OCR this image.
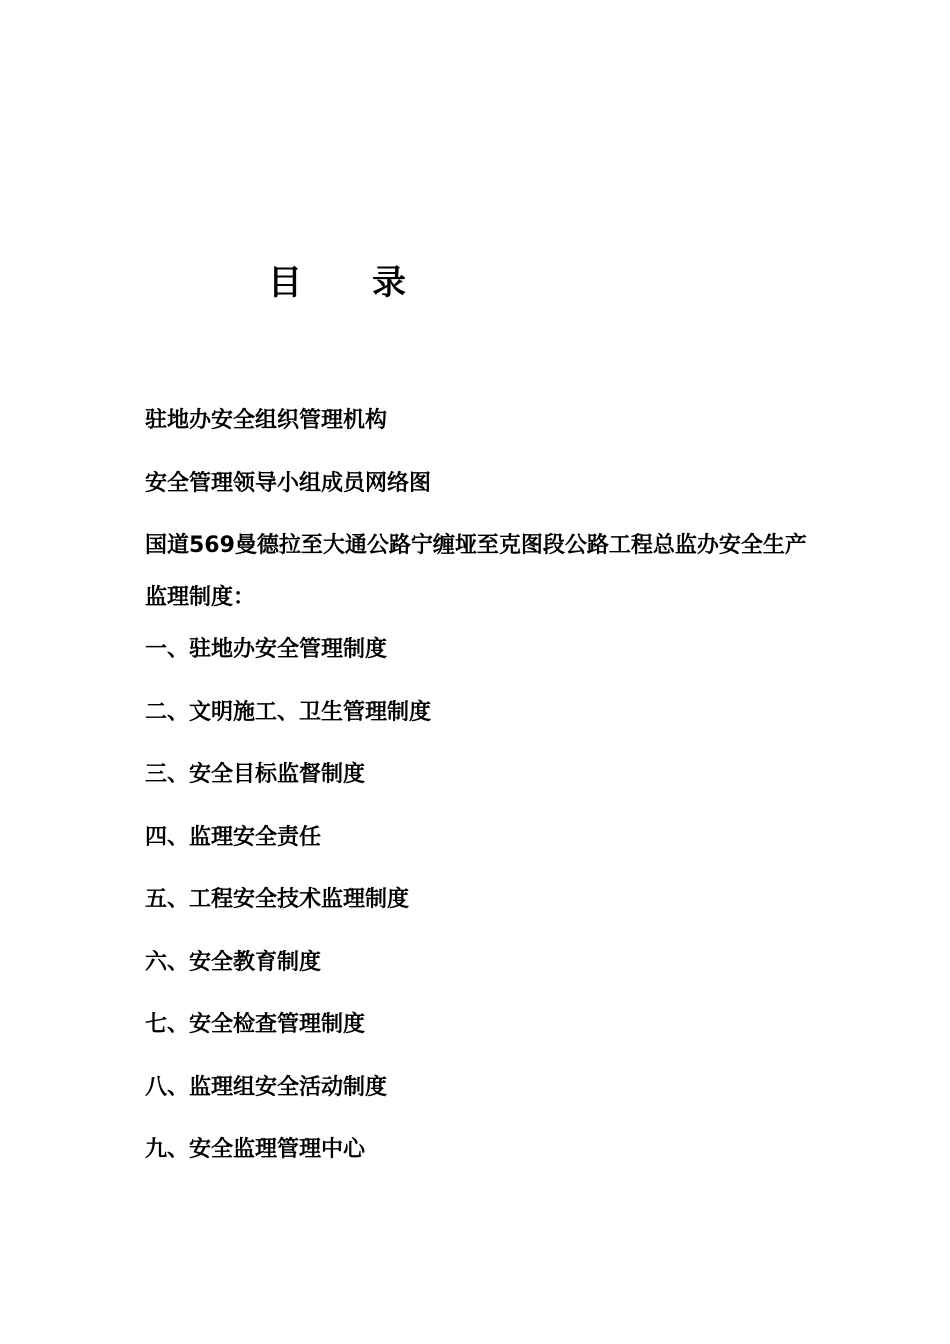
目 录
驻地办安全组织管理机构
安全管理领导小组成员网络图
国道569曼德拉至大通公路宁缠垭至克图段公路工程总监办安全生产监理制度：
一、驻地办安全管理制度
二、文明施工、卫生管理制度
三、安全目标监督制度
四、监理安全责任
五、工程安全技术监理制度
六、安全教育制度
七、安全检查管理制度
八、监理组安全活动制度
九、安全监理管理中心
